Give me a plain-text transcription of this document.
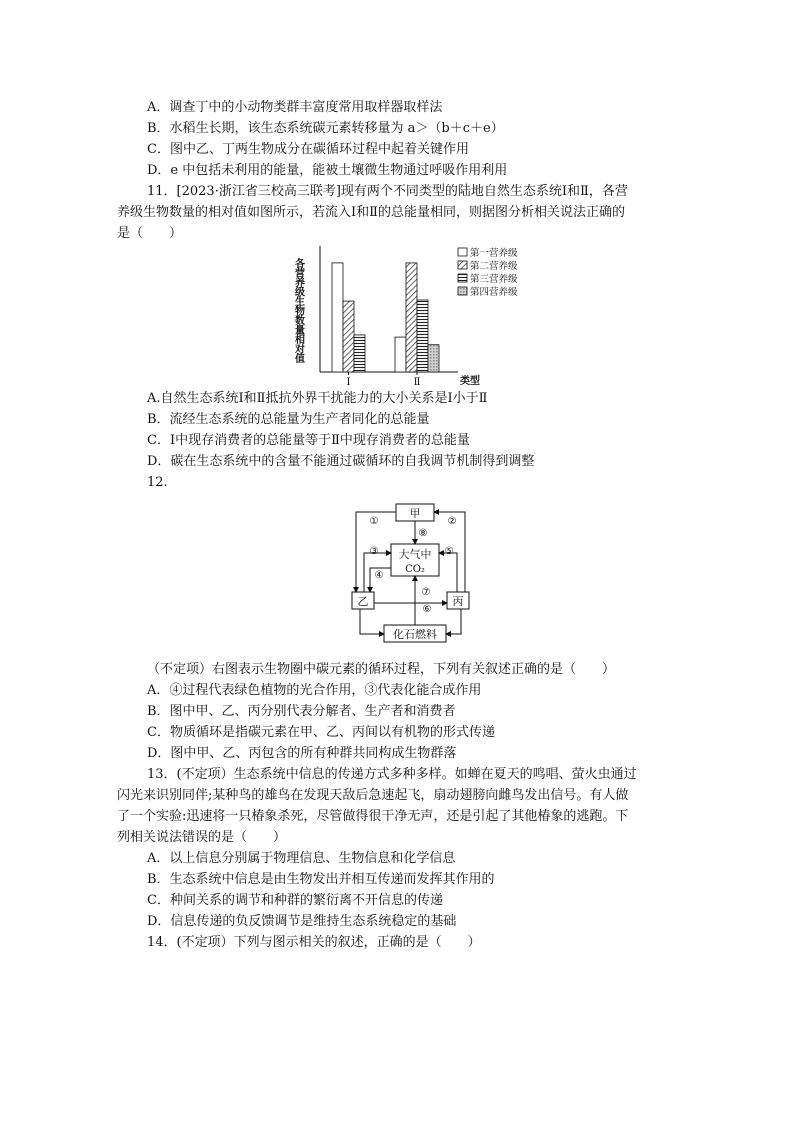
A．调查丁中的小动物类群丰富度常用取样器取样法
B．水稻生长期，该生态系统碳元素转移量为 a＞（b＋c＋e）
C．图中乙、丁两生物成分在碳循环过程中起着关键作用
D．e 中包括未利用的能量，能被土壤微生物通过呼吸作用利用
11．[2023·浙江省三校高三联考]现有两个不同类型的陆地自然生态系统Ⅰ和Ⅱ，各营
养级生物数量的相对值如图所示，若流入Ⅰ和Ⅱ的总能量相同，则据图分析相关说法正确的
是（　　）
各营养级生物数量相对值
类型
Ⅰ	Ⅱ
第一营养级
第二营养级
第三营养级
第四营养级
A.自然生态系统Ⅰ和Ⅱ抵抗外界干扰能力的大小关系是Ⅰ小于Ⅱ
B．流经生态系统的总能量为生产者同化的总能量
C．Ⅰ中现存消费者的总能量等于Ⅱ中现存消费者的总能量
D．碳在生态系统中的含量不能通过碳循环的自我调节机制得到调整
12.
甲
大气中
CO₂
乙	丙
化石燃料
①	②
③
④
⑤
⑥
⑦
⑧
（不定项）右图表示生物圈中碳元素的循环过程，下列有关叙述正确的是（　　）
A．④过程代表绿色植物的光合作用，③代表化能合成作用
B．图中甲、乙、丙分别代表分解者、生产者和消费者
C．物质循环是指碳元素在甲、乙、丙间以有机物的形式传递
D．图中甲、乙、丙包含的所有种群共同构成生物群落
13．(不定项）生态系统中信息的传递方式多种多样。如蝉在夏天的鸣唱、萤火虫通过
闪光来识别同伴;某种鸟的雄鸟在发现天敌后急速起飞，扇动翅膀向雌鸟发出信号。有人做
了一个实验:迅速将一只椿象杀死，尽管做得很干净无声，还是引起了其他椿象的逃跑。下
列相关说法错误的是（　　）
A．以上信息分别属于物理信息、生物信息和化学信息
B．生态系统中信息是由生物发出并相互传递而发挥其作用的
C．种间关系的调节和种群的繁衍离不开信息的传递
D．信息传递的负反馈调节是维持生态系统稳定的基础
14．(不定项）下列与图示相关的叙述，正确的是（　　）
